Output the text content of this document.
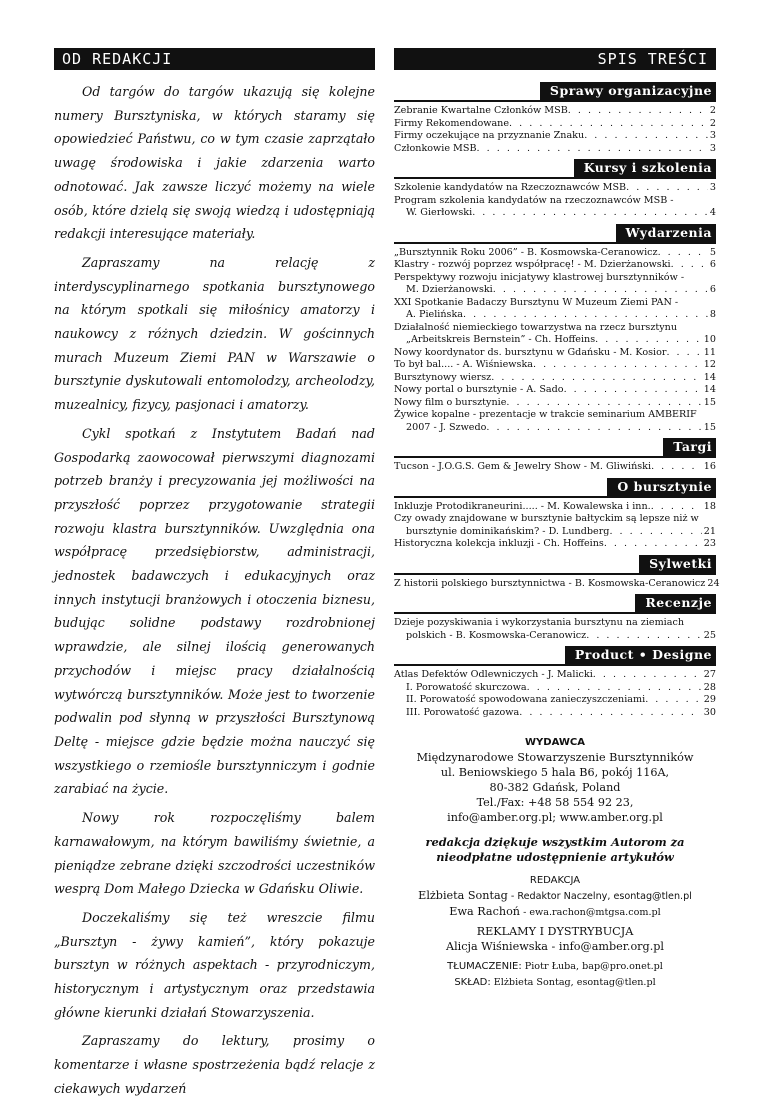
OD REDAKCJI

Od targów do targów ukazują się kolejne numery Bursztyniska, w których staramy się opowiedzieć Państwu, co w tym czasie zaprzątało uwagę środowiska i jakie zdarzenia warto odnotować. Jak zawsze liczyć możemy na wiele osób, które dzielą się swoją wiedzą i udostępniają redakcji interesujące materiały.

Zapraszamy na relację z interdyscyplinarnego spotkania bursztynowego na którym spotkali się miłośnicy amatorzy i naukowcy z różnych dziedzin. W gościnnych murach Muzeum Ziemi PAN w Warszawie o bursztynie dyskutowali entomolodzy, archeolodzy, muzealnicy, fizycy, pasjonaci i amatorzy.

Cykl spotkań z Instytutem Badań nad Gospodarką zaowocował pierwszymi diagnozami potrzeb branży i precyzowania jej możliwości na przyszłość poprzez przygotowanie strategii rozwoju klastra bursztynników. Uwzględnia ona współpracę przedsiębiorstw, administracji, jednostek badawczych i edukacyjnych oraz innych instytucji branżowych i otoczenia biznesu, budując solidne podstawy rozdrobnionej wprawdzie, ale silnej ilością generowanych przychodów i miejsc pracy działalnością wytwórczą bursztynników. Może jest to tworzenie podwalin pod słynną w przyszłości Bursztynową Deltę - miejsce gdzie będzie można nauczyć się wszystkiego o rzemiośle bursztynniczym i godnie zarabiać na życie.

Nowy rok rozpoczęliśmy balem karnawałowym, na którym bawiliśmy świetnie, a pieniądze zebrane dzięki szczodrości uczestników wesprą Dom Małego Dziecka w Gdańsku Oliwie.

Doczekaliśmy się też wreszcie filmu „Bursztyn - żywy kamień”, który pokazuje bursztyn w różnych aspektach - przyrodniczym, historycznym i artystycznym oraz przedstawia główne kierunki działań Stowarzyszenia.

Zapraszamy do lektury, prosimy o komentarze i własne spostrzeżenia bądź relacje z ciekawych wydarzeń

SPIS TREŚCI
Sprawy organizacyjne
Zebranie Kwartalne Członków MSB . . .	2
Firmy Rekomendowane . . .	2
Firmy oczekujące na przyznanie Znaku . . .	3
Członkowie MSB . . .	3
Kursy i szkolenia
Szkolenie kandydatów na Rzeczoznawców MSB . . .	3
Program szkolenia kandydatów na rzeczoznawców MSB -
W. Gierłowski . . .	4
Wydarzenia
„Bursztynnik Roku 2006” - B. Kosmowska-Ceranowicz . . .	5
Klastry - rozwój poprzez współpracę! - M. Dzierżanowski . . .	6
Perspektywy rozwoju inicjatywy klastrowej bursztynników -
M. Dzierżanowski . . .	6
XXI Spotkanie Badaczy Bursztynu W Muzeum Ziemi PAN -
A. Pielińska . . .	8
Działalność niemieckiego towarzystwa na rzecz bursztynu
„Arbeitskreis Bernstein” - Ch. Hoffeins . . .	10
Nowy koordynator ds. bursztynu w Gdańsku - M. Kosior . . .	11
To był bal.... - A. Wiśniewska . . .	12
Bursztynowy wiersz . . .	14
Nowy portal o bursztynie - A. Sado . . .	14
Nowy film o bursztynie . . .	15
Żywice kopalne - prezentacje w trakcie seminarium AMBERIF
2007 - J. Szwedo . . .	15
Targi
Tucson - J.O.G.S. Gem & Jewelry Show - M. Gliwiński . . .	16
O bursztynie
Inkluzje Protodikraneurini..... - M. Kowalewska i inn. . . .	18
Czy owady znajdowane w bursztynie bałtyckim są lepsze niż w
bursztynie dominikańskim? - D. Lundberg . . .	21
Historyczna kolekcja inkluzji - Ch. Hoffeins . . .	23
Sylwetki
Z historii polskiego bursztynnictwa - B. Kosmowska-Ceranowicz 24
Recenzje
Dzieje pozyskiwania i wykorzystania bursztynu na ziemiach
polskich - B. Kosmowska-Ceranowicz . . .	25
Product • Designe
Atlas Defektów Odlewniczych - J. Malicki . . .	27
I. Porowatość skurczowa . . .	28
II. Porowatość spowodowana zanieczyszczeniami . . .	29
III. Porowatość gazowa . . .	30
WYDAWCA
Międzynarodowe Stowarzyszenie Bursztynników
ul. Beniowskiego 5 hala B6, pokój 116A,
80-382 Gdańsk, Poland
Tel./Fax: +48 58 554 92 23,
info@amber.org.pl; www.amber.org.pl
redakcja dziękuje wszystkim Autorom za nieodpłatne udostępnienie artykułów
REDAKCJA
Elżbieta Sontag - Redaktor Naczelny, esontag@tlen.pl
Ewa Rachoń - ewa.rachon@mtgsa.com.pl
REKLAMY I DYSTRYBUCJA
Alicja Wiśniewska - info@amber.org.pl
TŁUMACZENIE: Piotr Łuba, bap@pro.onet.pl
SKŁAD: Elżbieta Sontag, esontag@tlen.pl
